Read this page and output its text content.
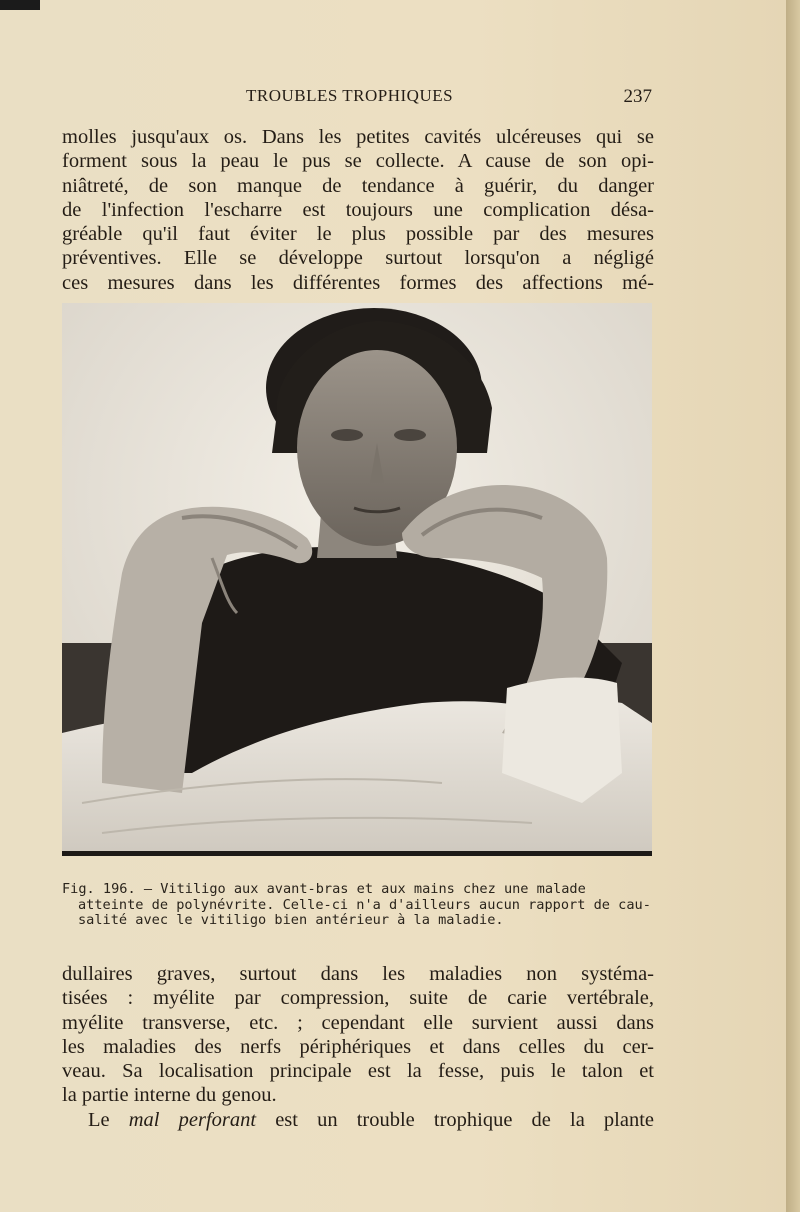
TROUBLES TROPHIQUES	237
molles jusqu'aux os. Dans les petites cavités ulcéreuses qui se
forment sous la peau le pus se collecte. A cause de son opi-
niâtreté, de son manque de tendance à guérir, du danger
de l'infection l'escharre est toujours une complication désa-
gréable qu'il faut éviter le plus possible par des mesures
préventives. Elle se développe surtout lorsqu'on a négligé
ces mesures dans les différentes formes des affections mé-
Fig. 196. — Vitiligo aux avant-bras et aux mains chez une malade
atteinte de polynévrite. Celle-ci n'a d'ailleurs aucun rapport de cau-
salité avec le vitiligo bien antérieur à la maladie.
dullaires graves, surtout dans les maladies non systéma-
tisées : myélite par compression, suite de carie vertébrale,
myélite transverse, etc. ; cependant elle survient aussi dans
les maladies des nerfs périphériques et dans celles du cer-
veau. Sa localisation principale est la fesse, puis le talon et
la partie interne du genou.
Le mal perforant est un trouble trophique de la plante
